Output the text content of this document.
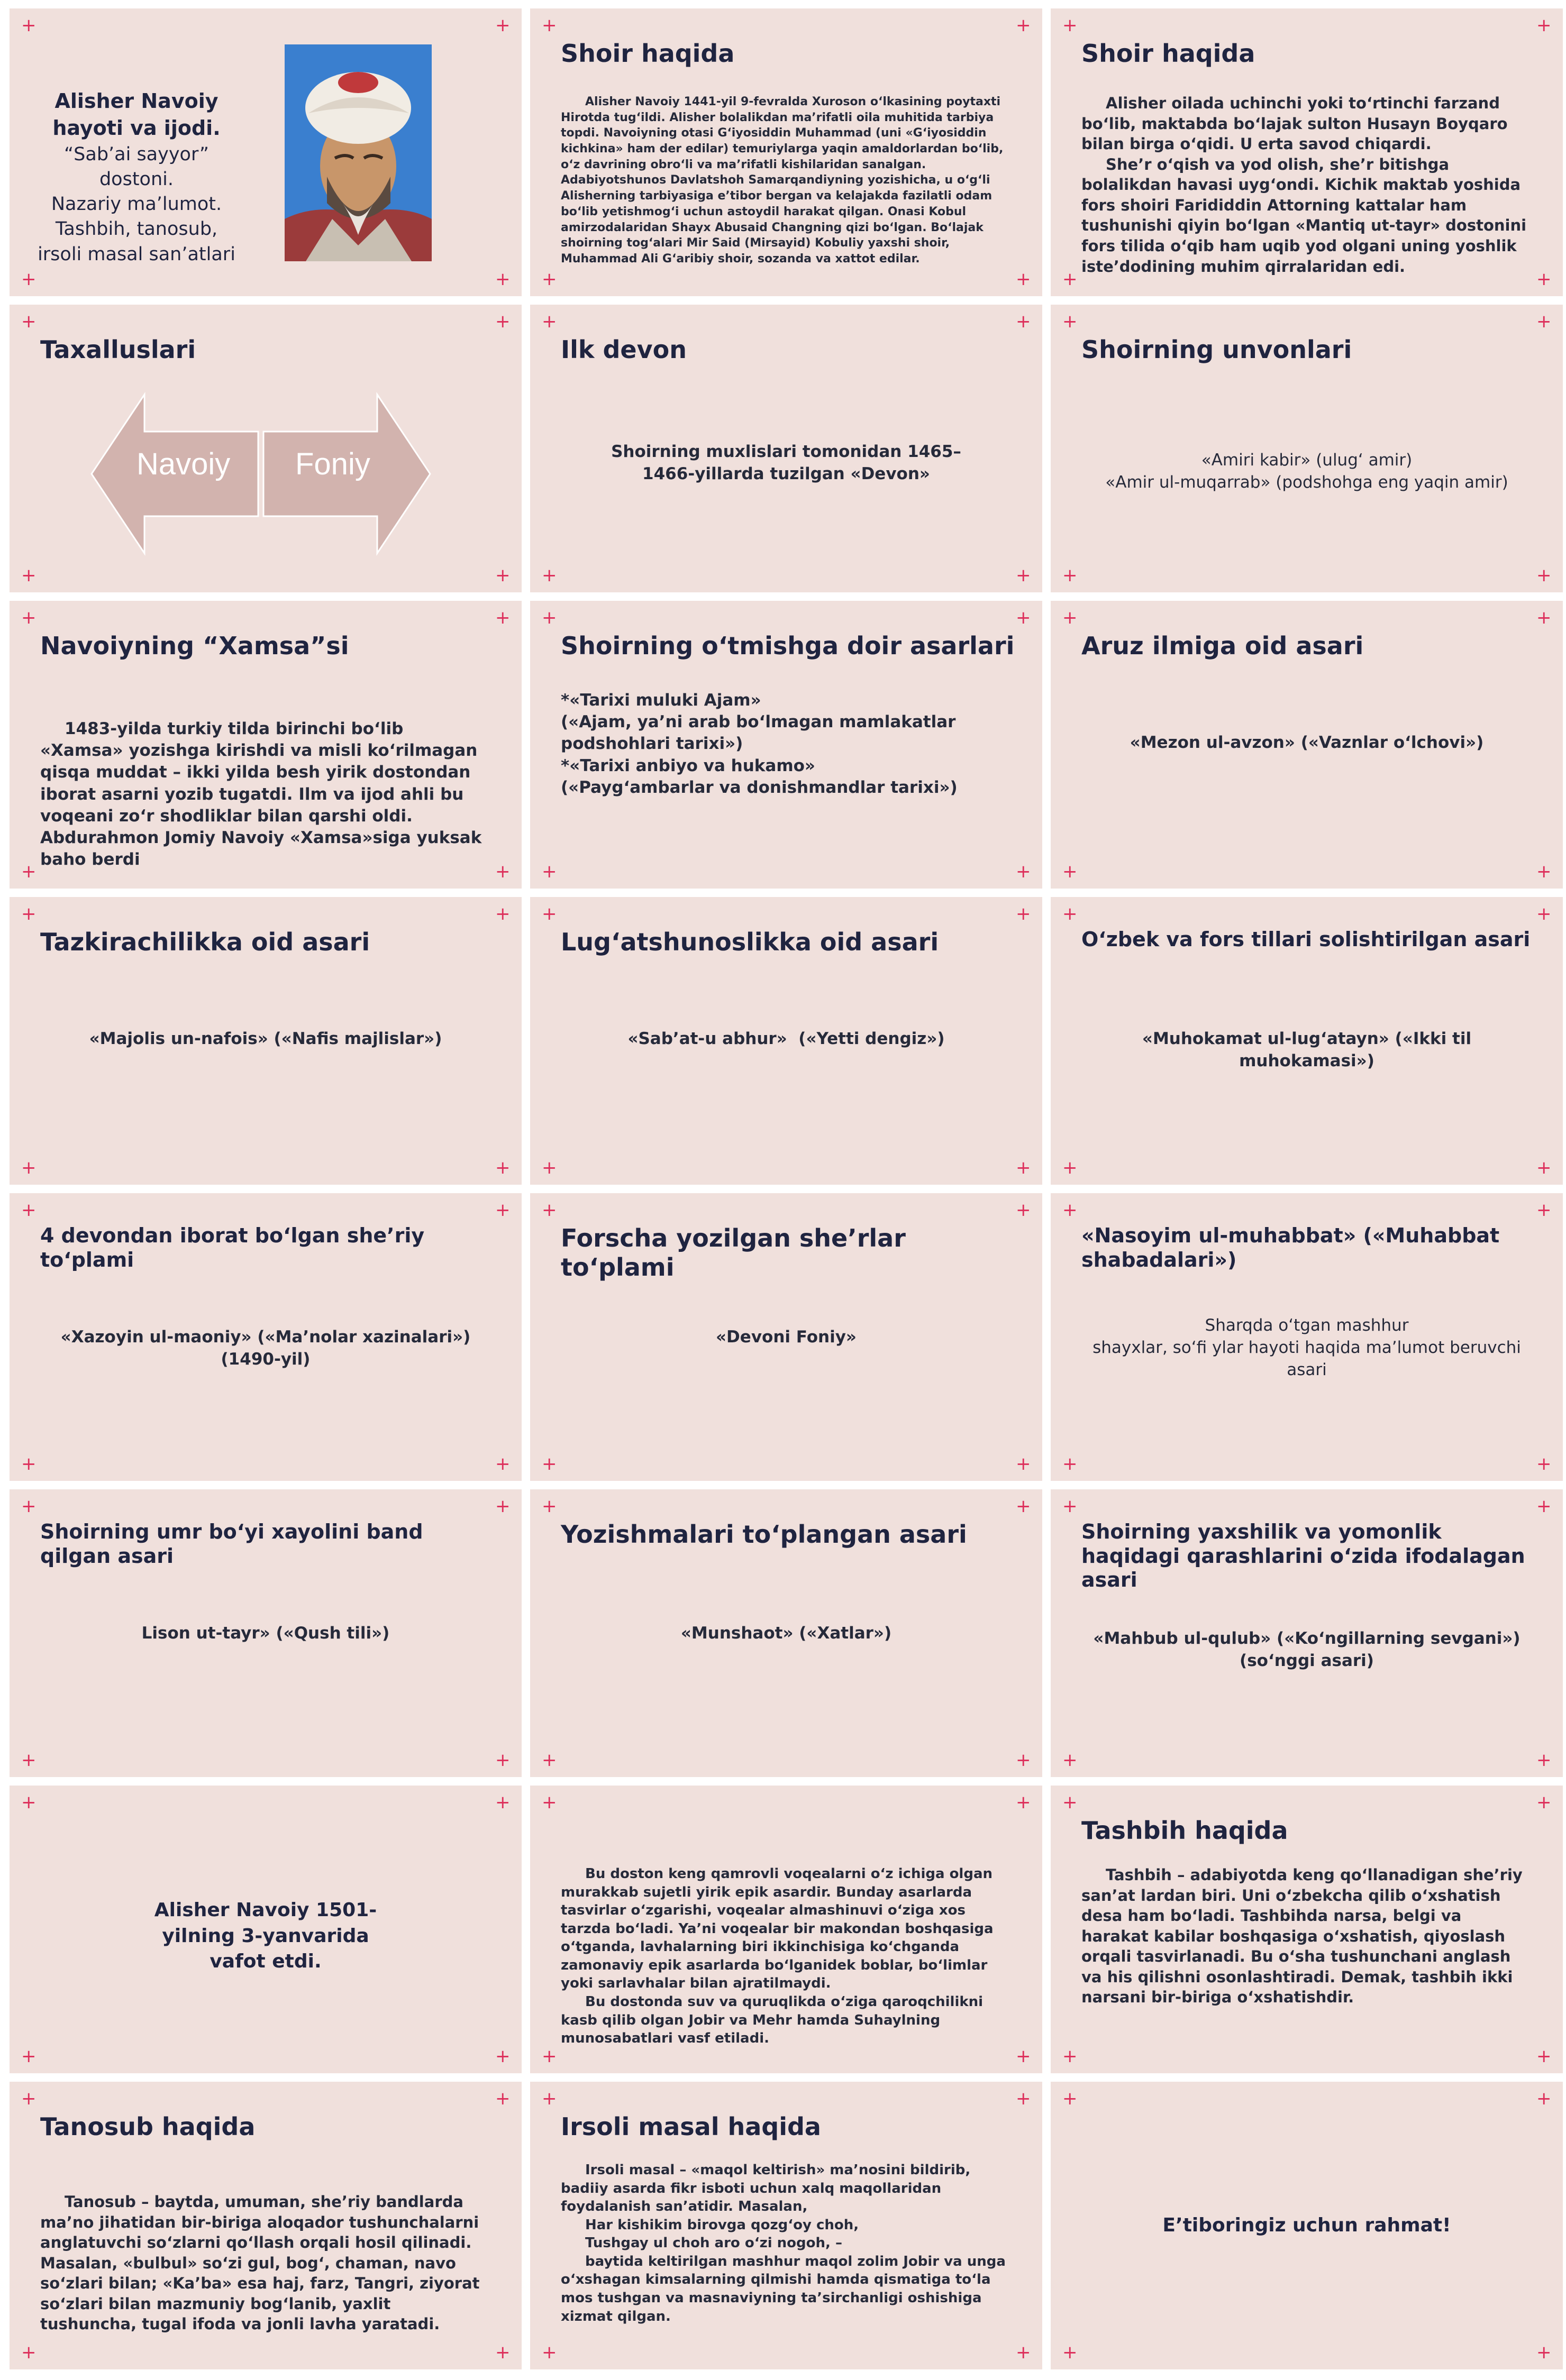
+	+
+	+
Alisher Navoiy hayoti va ijodi.
“Sab’ai sayyor” dostoni.
Nazariy ma’lumot.
Tashbih, tanosub, irsoli masal san’atlari
+	+
+	+
Shoir haqida
Alisher Navoiy 1441-yil 9-fevralda Xuroson o‘lkasining poytaxti Hirotda tug‘ildi. Alisher bolalikdan ma’rifatli oila muhitida tarbiya topdi. Navoiyning otasi G‘iyosiddin Muhammad (uni «G‘iyosiddin kichkina» ham der edilar) temuriylarga yaqin amaldorlardan bo‘lib, o‘z davrining obro‘li va ma’rifatli kishilaridan sanalgan. Adabiyotshunos Davlatshoh Samarqandiyning yozishicha, u o‘g‘li Alisherning tarbiyasiga e’tibor bergan va kelajakda fazilatli odam bo‘lib yetishmog‘i uchun astoydil harakat qilgan. Onasi Kobul amirzodalaridan Shayx Abusaid Changning qizi bo‘lgan. Bo‘lajak shoirning tog‘alari Mir Said (Mirsayid) Kobuliy yaxshi shoir, Muhammad Ali G‘aribiy shoir, sozanda va xattot edilar.
+	+
+	+
Shoir haqida
Alisher oilada uchinchi yoki to‘rtinchi farzand bo‘lib, maktabda bo‘lajak sulton Husayn Boyqaro bilan birga o‘qidi. U erta savod chiqardi.
She’r o‘qish va yod olish, she’r bitishga bolalikdan havasi uyg‘ondi. Kichik maktab yoshida fors shoiri Farididdin Attorning kattalar ham tushunishi qiyin bo‘lgan «Mantiq ut-tayr» dostonini fors tilida o‘qib ham uqib yod olgani uning yoshlik iste’dodining muhim qirralaridan edi.
+	+
+	+
Taxalluslari
Navoiy Foniy
+	+
+	+
Ilk devon
Shoirning muxlislari tomonidan 1465–1466-yillarda tuzilgan «Devon»
+	+
+	+
Shoirning unvonlari
«Amiri kabir» (ulug‘ amir)
«Amir ul-muqarrab» (podshohga eng yaqin amir)
+	+
+	+
Navoiyning “Xamsa”si
1483-yilda turkiy tilda birinchi bo‘lib «Xamsa» yozishga kirishdi va misli ko‘rilmagan qisqa muddat – ikki yilda besh yirik dostondan iborat asarni yozib tugatdi. Ilm va ijod ahli bu voqeani zo‘r shodliklar bilan qarshi oldi. Abdurahmon Jomiy Navoiy «Xamsa»siga yuksak baho berdi
+	+
+	+
Shoirning o‘tmishga doir asarlari
*«Tarixi muluki Ajam»
(«Ajam, ya’ni arab bo‘lmagan mamlakatlar podshohlari tarixi»)
*«Tarixi anbiyo va hukamo»
(«Payg‘ambarlar va donishmandlar tarixi»)
+	+
+	+
Aruz ilmiga oid asari
«Mezon ul-avzon» («Vaznlar o‘lchovi»)
+	+
+	+
Tazkirachilikka oid asari
«Majolis un-nafois» («Nafis majlislar»)
+	+
+	+
Lug‘atshunoslikka oid asari
«Sab’at-u abhur»  («Yetti dengiz»)
+	+
+	+
O‘zbek va fors tillari solishtirilgan asari
«Muhokamat ul-lug‘atayn» («Ikki til muhokamasi»)
+	+
+	+
4 devondan iborat bo‘lgan she’riy to‘plami
«Xazoyin ul-maoniy» («Ma’nolar xazinalari») (1490-yil)
+	+
+	+
Forscha yozilgan she’rlar to‘plami
«Devoni Foniy»
+	+
+	+
«Nasoyim ul-muhabbat» («Muhabbat shabadalari»)
Sharqda o‘tgan mashhur
shayxlar, so‘fi ylar hayoti haqida ma’lumot beruvchi asari
+	+
+	+
Shoirning umr bo‘yi xayolini band qilgan asari
Lison ut-tayr» («Qush tili»)
+	+
+	+
Yozishmalari to‘plangan asari
«Munshaot» («Xatlar»)
+	+
+	+
Shoirning yaxshilik va yomonlik haqidagi qarashlarini o‘zida ifodalagan asari
«Mahbub ul-qulub» («Ko‘ngillarning sevgani»)
(so‘nggi asari)
+	+
+	+
Alisher Navoiy 1501-yilning 3-yanvarida vafot etdi.
+	+
+	+
Bu doston keng qamrovli voqealarni o‘z ichiga olgan murakkab sujetli yirik epik asardir. Bunday asarlarda tasvirlar o‘zgarishi, voqealar almashinuvi o‘ziga xos tarzda bo‘ladi. Ya’ni voqealar bir makondan boshqasiga o‘tganda, lavhalarning biri ikkinchisiga ko‘chganda zamonaviy epik asarlarda bo‘lganidek boblar, bo‘limlar yoki sarlavhalar bilan ajratilmaydi.
Bu dostonda suv va quruqlikda o‘ziga qaroqchilikni kasb qilib olgan Jobir va Mehr hamda Suhaylning munosabatlari vasf etiladi.
+	+
+	+
Tashbih haqida
Tashbih – adabiyotda keng qo‘llanadigan she’riy san’at lardan biri. Uni o‘zbekcha qilib o‘xshatish desa ham bo‘ladi. Tashbihda narsa, belgi va harakat kabilar boshqasiga o‘xshatish, qiyoslash orqali tasvirlanadi. Bu o‘sha tushunchani anglash va his qilishni osonlashtiradi. Demak, tashbih ikki narsani bir-biriga o‘xshatishdir.
+	+
+	+
Tanosub haqida
Tanosub – baytda, umuman, she’riy bandlarda ma’no jihatidan bir-biriga aloqador tushunchalarni anglatuvchi so‘zlarni qo‘llash orqali hosil qilinadi. Masalan, «bulbul» so‘zi gul, bog‘, chaman, navo so‘zlari bilan; «Ka’ba» esa haj, farz, Tangri, ziyorat so‘zlari bilan mazmuniy bog‘lanib, yaxlit tushuncha, tugal ifoda va jonli lavha yaratadi.
+	+
+	+
Irsoli masal haqida
Irsoli masal – «maqol keltirish» ma’nosini bildirib, badiiy asarda fikr isboti uchun xalq maqollaridan foydalanish san’atidir. Masalan,
Har kishikim birovga qozg‘oy choh,
Tushgay ul choh aro o‘zi nogoh, –
baytida keltirilgan mashhur maqol zolim Jobir va unga o‘xshagan kimsalarning qilmishi hamda qismatiga to‘la mos tushgan va masnaviyning ta’sirchanligi oshishiga xizmat qilgan.
+	+
+	+
E’tiboringiz uchun rahmat!
